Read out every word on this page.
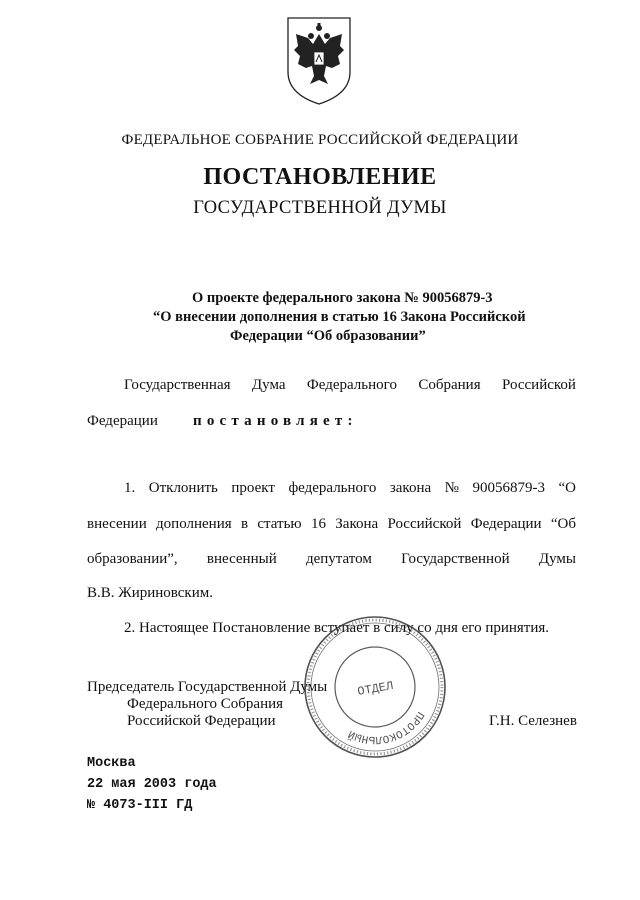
ФЕДЕРАЛЬНОЕ СОБРАНИЕ РОССИЙСКОЙ ФЕДЕРАЦИИ
ПОСТАНОВЛЕНИЕ
ГОСУДАРСТВЕННОЙ ДУМЫ
О проекте федерального закона № 90056879-3
“О внесении дополнения в статью 16 Закона Российской
Федерации “Об образовании”
Государственная Дума Федерального Собрания Российской
Федерации постановляет:
1. Отклонить проект федерального закона № 90056879-3 “О
внесении дополнения в статью 16 Закона Российской Федерации “Об
образовании”, внесенный депутатом Государственной Думы
В.В. Жириновским.
2. Настоящее Постановление вступает в силу со дня его принятия.
Председатель Государственной Думы
Федерального Собрания
Российской Федерации	Г.Н. Селезнев
Москва
22 мая 2003 года
№ 4073-III ГД
ПРОТОКОЛЬНЫЙ
ОТДЕЛ
